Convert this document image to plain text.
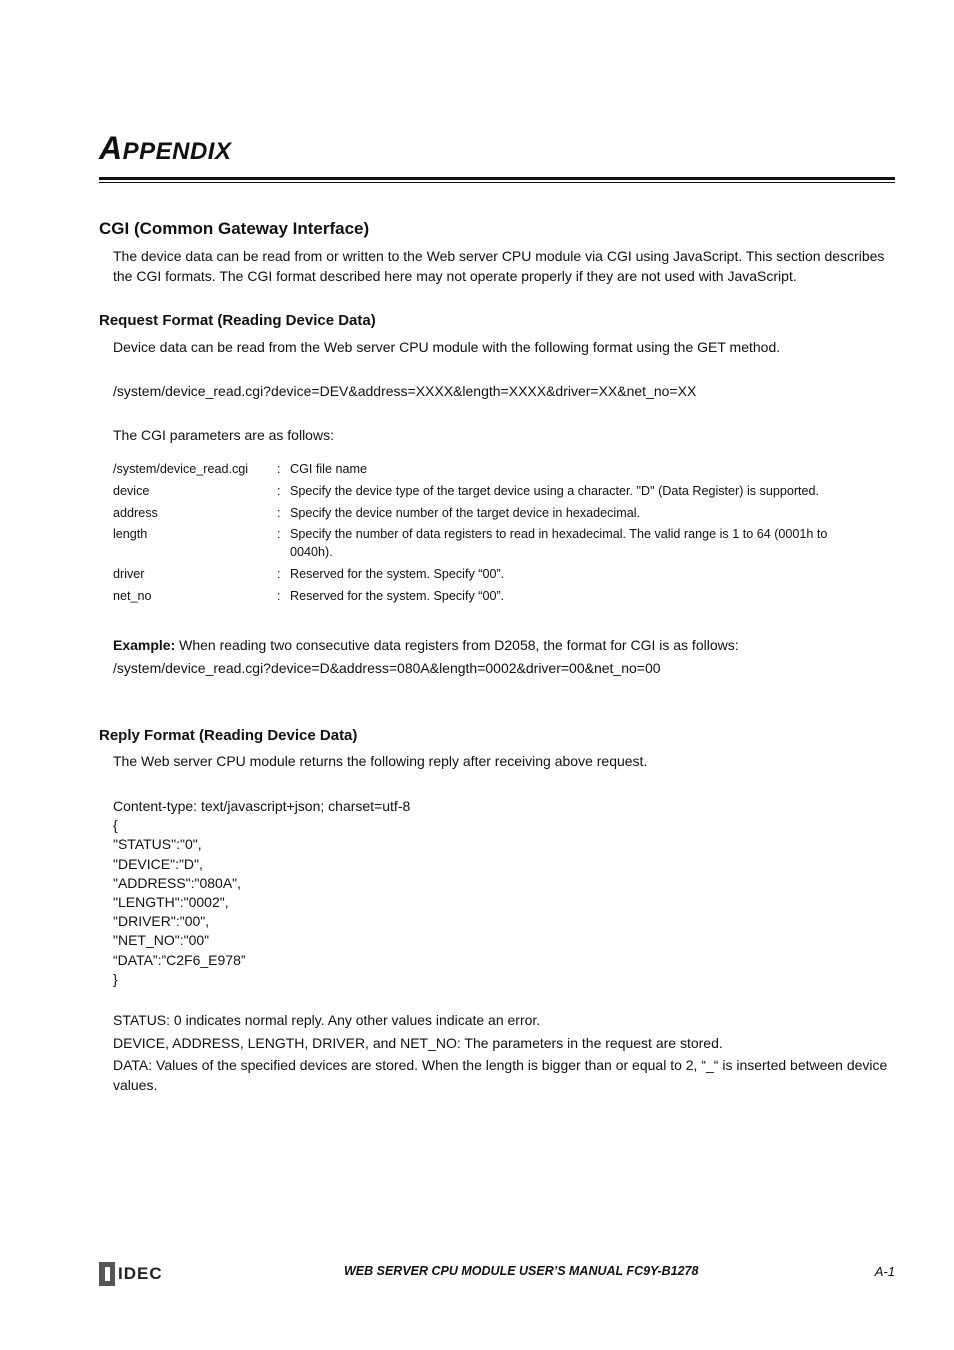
APPENDIX
CGI (Common Gateway Interface)
The device data can be read from or written to the Web server CPU module via CGI using JavaScript. This section describes the CGI formats. The CGI format described here may not operate properly if they are not used with JavaScript.
Request Format (Reading Device Data)
Device data can be read from the Web server CPU module with the following format using the GET method.
/system/device_read.cgi?device=DEV&address=XXXX&length=XXXX&driver=XX&net_no=XX
The CGI parameters are as follows:
/system/device_read.cgi	: CGI file name
device	: Specify the device type of the target device using a character. "D" (Data Register) is supported.
address	: Specify the device number of the target device in hexadecimal.
length	: Specify the number of data registers to read in hexadecimal. The valid range is 1 to 64 (0001h to 0040h).
driver	: Reserved for the system. Specify “00”.
net_no	: Reserved for the system. Specify “00”.
Example: When reading two consecutive data registers from D2058, the format for CGI is as follows:
/system/device_read.cgi?device=D&address=080A&length=0002&driver=00&net_no=00
Reply Format (Reading Device Data)
The Web server CPU module returns the following reply after receiving above request.
Content-type: text/javascript+json; charset=utf-8
{
"STATUS":"0",
"DEVICE":"D",
"ADDRESS":"080A",
"LENGTH":"0002",
"DRIVER":"00",
"NET_NO":"00"
“DATA”:”C2F6_E978”
}
STATUS: 0 indicates normal reply. Any other values indicate an error.
DEVICE, ADDRESS, LENGTH, DRIVER, and NET_NO: The parameters in the request are stored.
DATA: Values of the specified devices are stored. When the length is bigger than or equal to 2, “_“ is inserted between device values.
IDEC	WEB SERVER CPU MODULE USER’S MANUAL FC9Y-B1278	A-1
